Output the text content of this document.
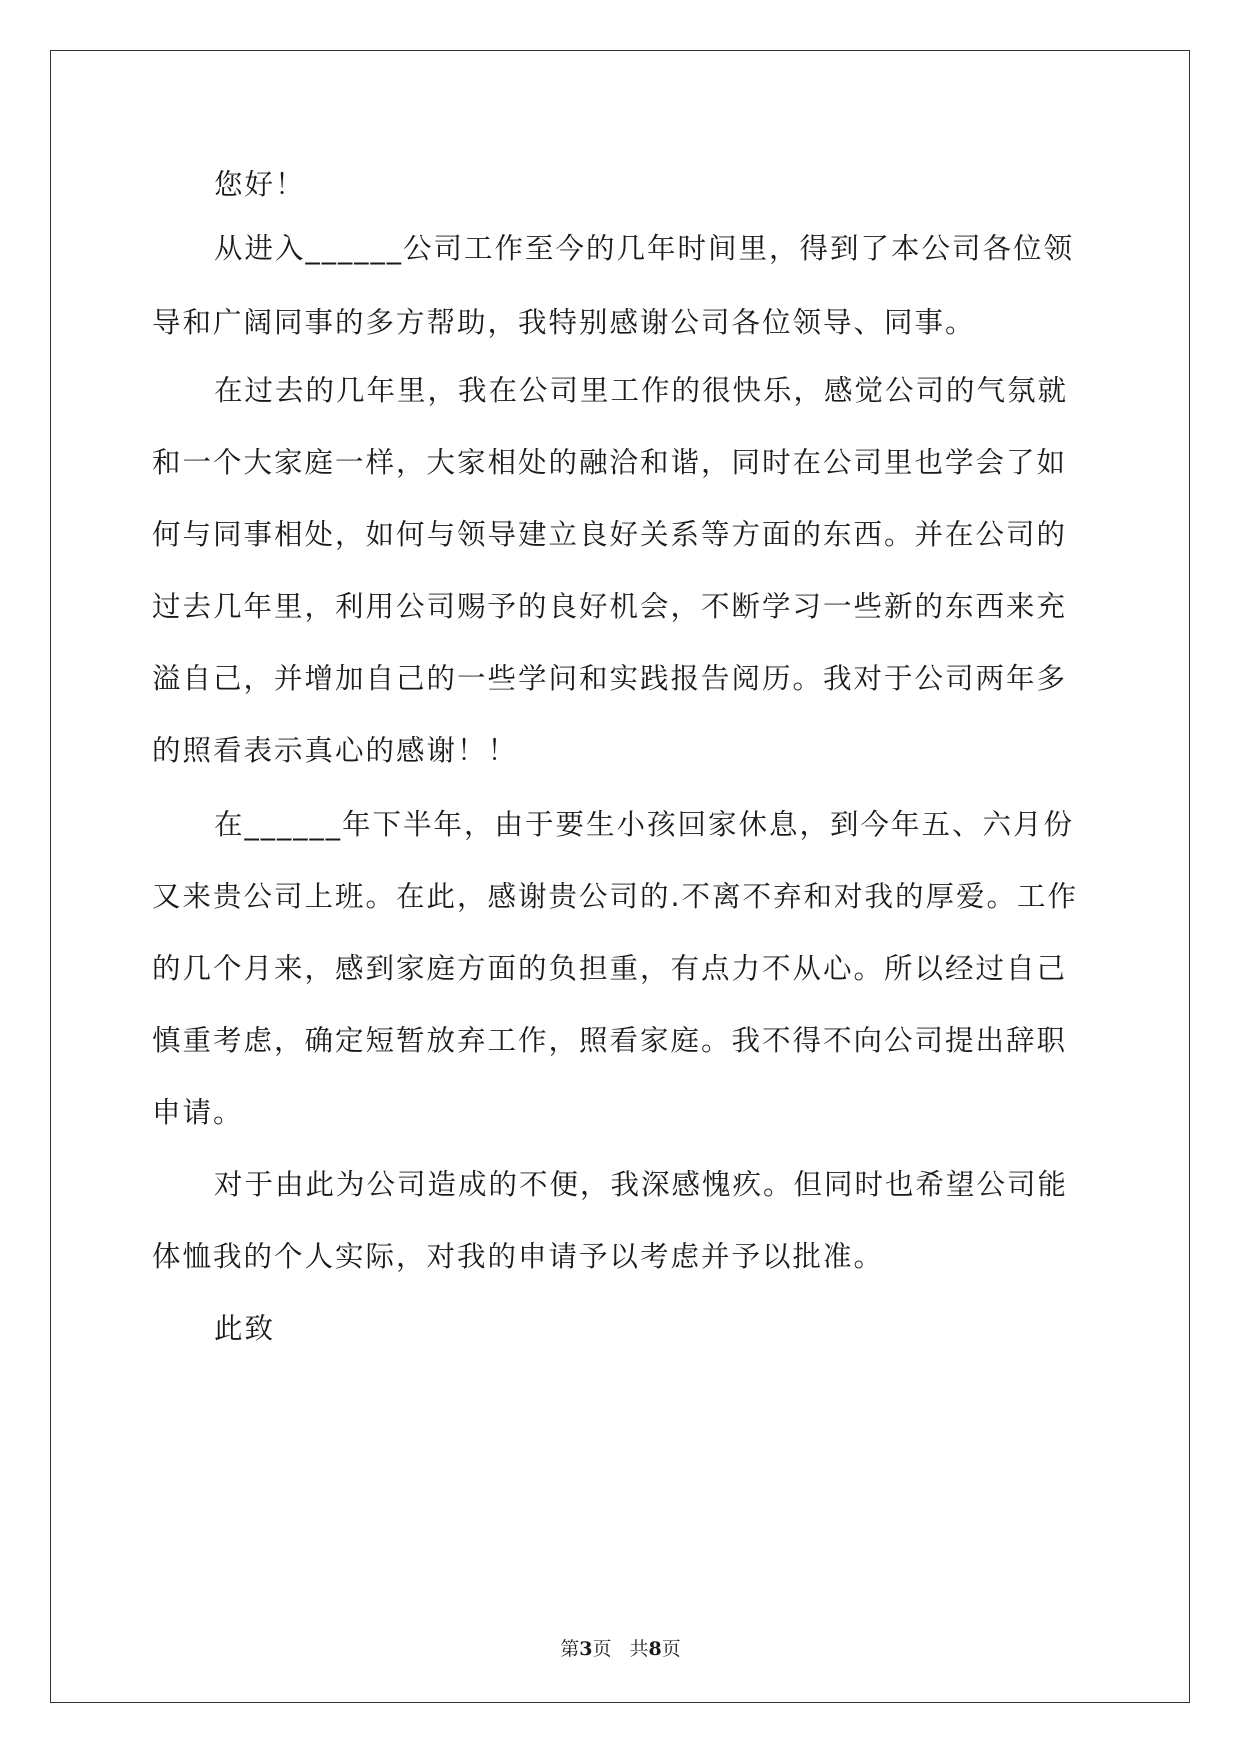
您好！
从进入______公司工作至今的几年时间里，得到了本公司各位领
导和广阔同事的多方帮助，我特别感谢公司各位领导、同事。
在过去的几年里，我在公司里工作的很快乐，感觉公司的气氛就
和一个大家庭一样，大家相处的融洽和谐，同时在公司里也学会了如
何与同事相处，如何与领导建立良好关系等方面的东西。并在公司的
过去几年里，利用公司赐予的良好机会，不断学习一些新的东西来充
溢自己，并增加自己的一些学问和实践报告阅历。我对于公司两年多
的照看表示真心的感谢！！
在______年下半年，由于要生小孩回家休息，到今年五、六月份
又来贵公司上班。在此，感谢贵公司的.不离不弃和对我的厚爱。工作
的几个月来，感到家庭方面的负担重，有点力不从心。所以经过自己
慎重考虑，确定短暂放弃工作，照看家庭。我不得不向公司提出辞职
申请。
对于由此为公司造成的不便，我深感愧疚。但同时也希望公司能
体恤我的个人实际，对我的申请予以考虑并予以批准。
此致
第3页 共8页
